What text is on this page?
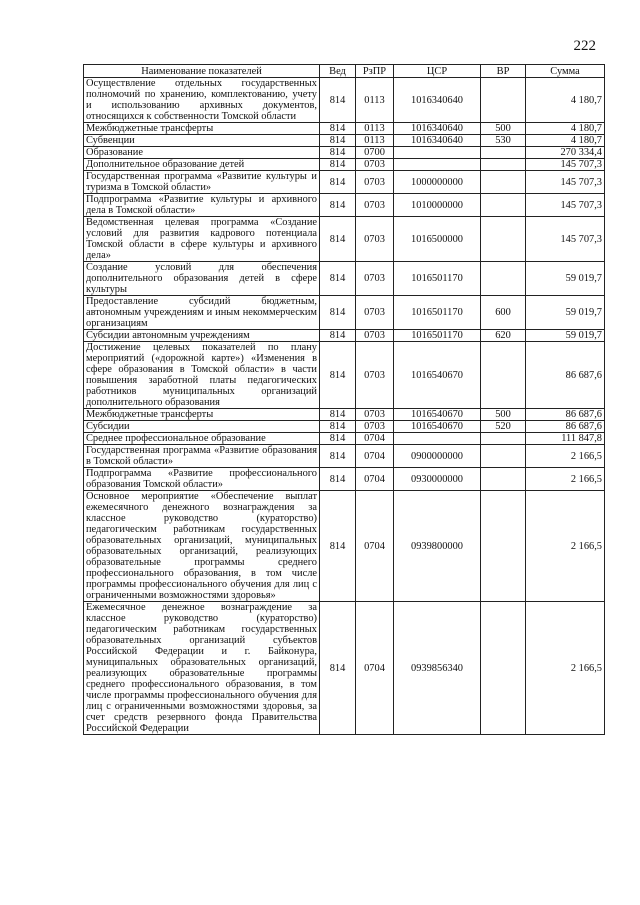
222
Наименование показателей	Вед	РзПР	ЦСР	ВР	Сумма
Осуществление отдельных государственных полномочий по хранению, комплектованию, учету и использованию архивных документов, относящихся к собственности Томской области	814	0113	1016340640		4 180,7
Межбюджетные трансферты	814	0113	1016340640	500	4 180,7
Субвенции	814	0113	1016340640	530	4 180,7
Образование	814	0700			270 334,4
Дополнительное образование детей	814	0703			145 707,3
Государственная программа «Развитие культуры и туризма в Томской области»	814	0703	1000000000		145 707,3
Подпрограмма «Развитие культуры и архивного дела в Томской области»	814	0703	1010000000		145 707,3
Ведомственная целевая программа «Создание условий для развития кадрового потенциала Томской области в сфере культуры и архивного дела»	814	0703	1016500000		145 707,3
Создание условий для обеспечения дополнительного образования детей в сфере культуры	814	0703	1016501170		59 019,7
Предоставление субсидий бюджетным, автономным учреждениям и иным некоммерческим организациям	814	0703	1016501170	600	59 019,7
Субсидии автономным учреждениям	814	0703	1016501170	620	59 019,7
Достижение целевых показателей по плану мероприятий («дорожной карте») «Изменения в сфере образования в Томской области» в части повышения заработной платы педагогических работников муниципальных организаций дополнительного образования	814	0703	1016540670		86 687,6
Межбюджетные трансферты	814	0703	1016540670	500	86 687,6
Субсидии	814	0703	1016540670	520	86 687,6
Среднее профессиональное образование	814	0704			111 847,8
Государственная программа «Развитие образования в Томской области»	814	0704	0900000000		2 166,5
Подпрограмма «Развитие профессионального образования Томской области»	814	0704	0930000000		2 166,5
Основное мероприятие «Обеспечение выплат ежемесячного денежного вознаграждения за классное руководство (кураторство) педагогическим работникам государственных образовательных организаций, муниципальных образовательных организаций, реализующих образовательные программы среднего профессионального образования, в том числе программы профессионального обучения для лиц с ограниченными возможностями здоровья»	814	0704	0939800000		2 166,5
Ежемесячное денежное вознаграждение за классное руководство (кураторство) педагогическим работникам государственных образовательных организаций субъектов Российской Федерации и г. Байконура, муниципальных образовательных организаций, реализующих образовательные программы среднего профессионального образования, в том числе программы профессионального обучения для лиц с ограниченными возможностями здоровья, за счет средств резервного фонда Правительства Российской Федерации	814	0704	0939856340		2 166,5
